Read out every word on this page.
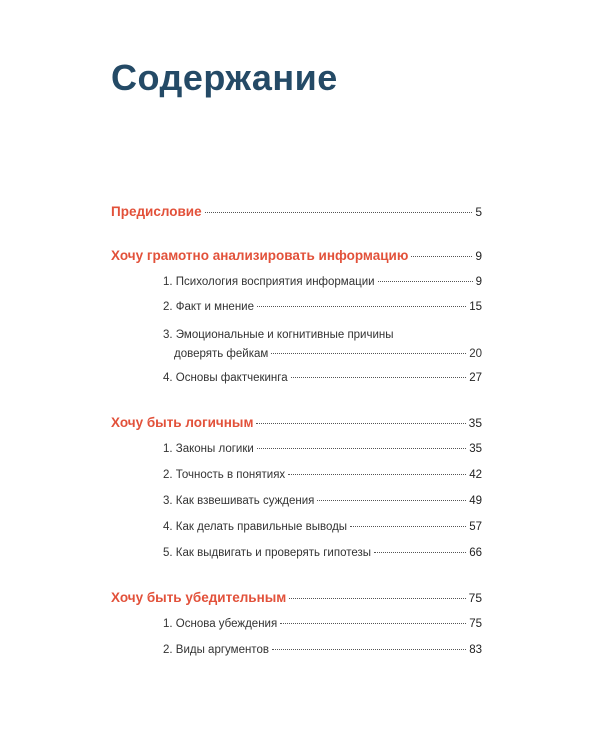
Содержание
Предисловие	5
Хочу грамотно анализировать информацию	9
1. Психология восприятия информации	9
2. Факт и мнение	15
3. Эмоциональные и когнитивные причины
доверять фейкам	20
4. Основы фактчекинга	27
Хочу быть логичным	35
1. Законы логики	35
2. Точность в понятиях	42
3. Как взвешивать суждения	49
4. Как делать правильные выводы	57
5. Как выдвигать и проверять гипотезы	66
Хочу быть убедительным	75
1. Основа убеждения	75
2. Виды аргументов	83
